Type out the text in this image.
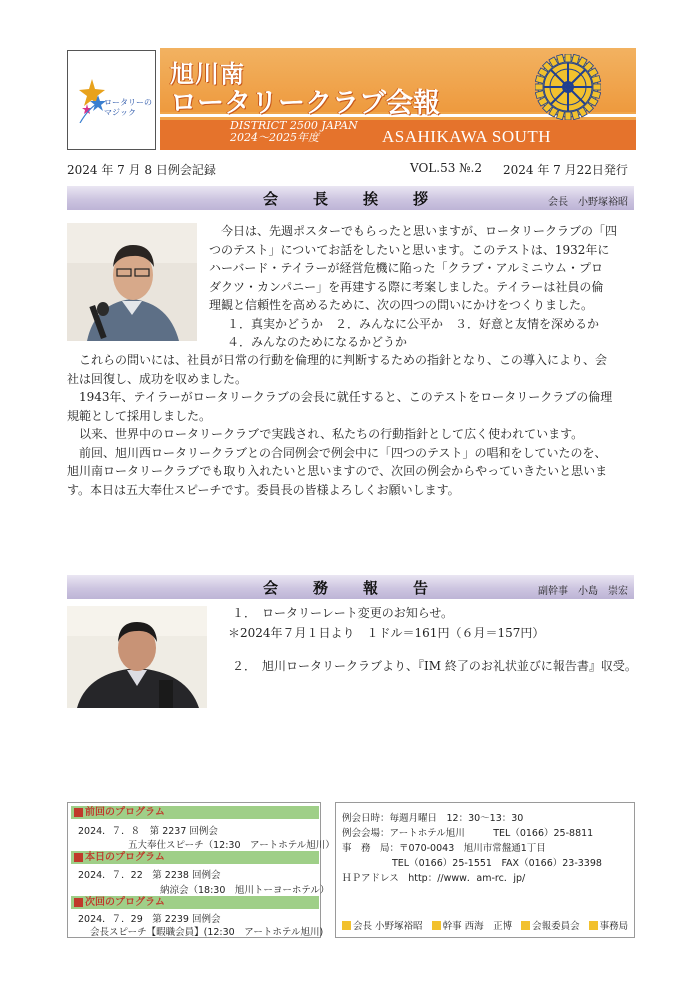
ロータリーの
マジック
旭川南
ロータリークラブ会報
DISTRICT 2500 JAPAN
2024～2025年度	ASAHIKAWA SOUTH
2024 年 7 月 8 日例会記録	VOL.53 №.2 2024 年 7 月22日発行
会　長　挨　拶	会長　小野塚裕昭
今日は、先週ポスターでもらったと思いますが、ロータリークラブの「四
つのテスト」についてお話をしたいと思います。このテストは、1932年に
ハーバード・テイラーが経営危機に陥った「クラブ・アルミニウム・プロ
ダクツ・カンパニー」を再建する際に考案しました。テイラーは社員の倫
理観と信頼性を高めるために、次の四つの問いにかけをつくりました。
１．真実かどうか　２．みんなに公平か　３．好意と友情を深めるか
４．みんなのためになるかどうか
これらの問いには、社員が日常の行動を倫理的に判断するための指針となり、この導入により、会
社は回復し、成功を収めました。
1943年、テイラーがロータリークラブの会長に就任すると、このテストをロータリークラブの倫理
規範として採用しました。
以来、世界中のロータリークラブで実践され、私たちの行動指針として広く使われています。
前回、旭川西ロータリークラブとの合同例会で例会中に「四つのテスト」の唱和をしていたのを、
旭川南ロータリークラブでも取り入れたいと思いますので、次回の例会からやっていきたいと思いま
す。本日は五大奉仕スピーチです。委員長の皆様よろしくお願いします。
会　務　報　告	副幹事　小島　崇宏
１．　ロータリーレート変更のお知らせ。
＊2024年７月１日より　１ドル＝161円（６月＝157円）
２．　旭川ロータリークラブより、『IM 終了のお礼状並びに報告書』収受。
前回のプログラム
2024．７．８　第 2237 回例会
五大奉仕スピーチ（12:30　アートホテル旭川）
本日のプログラム
2024．７．22　第 2238 回例会
納涼会（18:30　旭川トーヨーホテル）
次回のプログラム
2024．７．29　第 2239 回例会
会長スピーチ【暇職会員】(12:30　アートホテル旭川)
例会日時：毎週月曜日　12：30～13：30
例会会場：アートホテル旭川　　　TEL（0166）25-8811
事　務　局：〒070-0043　旭川市常盤通1丁目
TEL（0166）25-1551　FAX（0166）23-3398
ＨＰアドレス　http：//www．am-rc．jp/
会長 小野塚裕昭 幹事 西海　正博 会報委員会 事務局
